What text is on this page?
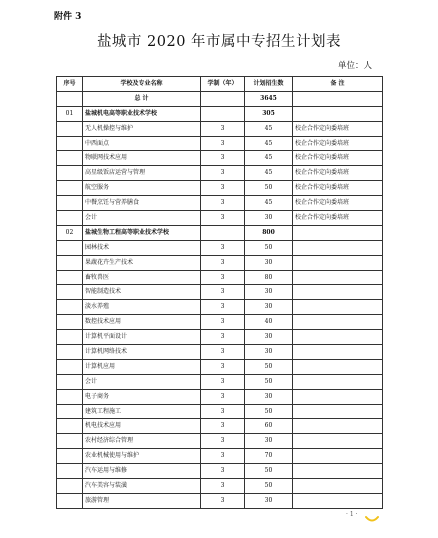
附件 3
盐城市 2020 年市属中专招生计划表
单位：人
序号	学校及专业名称	学制（年）	计划招生数	备 注
	总 计		3645	
01	盐城机电高等职业技术学校		305	
	无人机操控与维护	3	45	校企合作定向委培班
	中西面点	3	45	校企合作定向委培班
	物联网技术应用	3	45	校企合作定向委培班
	高星级饭店运营与管理	3	45	校企合作定向委培班
	航空服务	3	50	校企合作定向委培班
	中餐烹饪与营养膳食	3	45	校企合作定向委培班
	会计	3	30	校企合作定向委培班
02	盐城生物工程高等职业技术学校		800	
	园林技术	3	50	
	果蔬花卉生产技术	3	30	
	畜牧兽医	3	80	
	智能制造技术	3	30	
	淡水养殖	3	30	
	数控技术应用	3	40	
	计算机平面设计	3	30	
	计算机网络技术	3	30	
	计算机应用	3	50	
	会计	3	50	
	电子商务	3	30	
	建筑工程施工	3	50	
	机电技术应用	3	60	
	农村经济综合管理	3	30	
	农业机械使用与维护	3	70	
	汽车运用与维修	3	50	
	汽车美容与装潢	3	50	
	旅游管理	3	30	
· 1 ·
